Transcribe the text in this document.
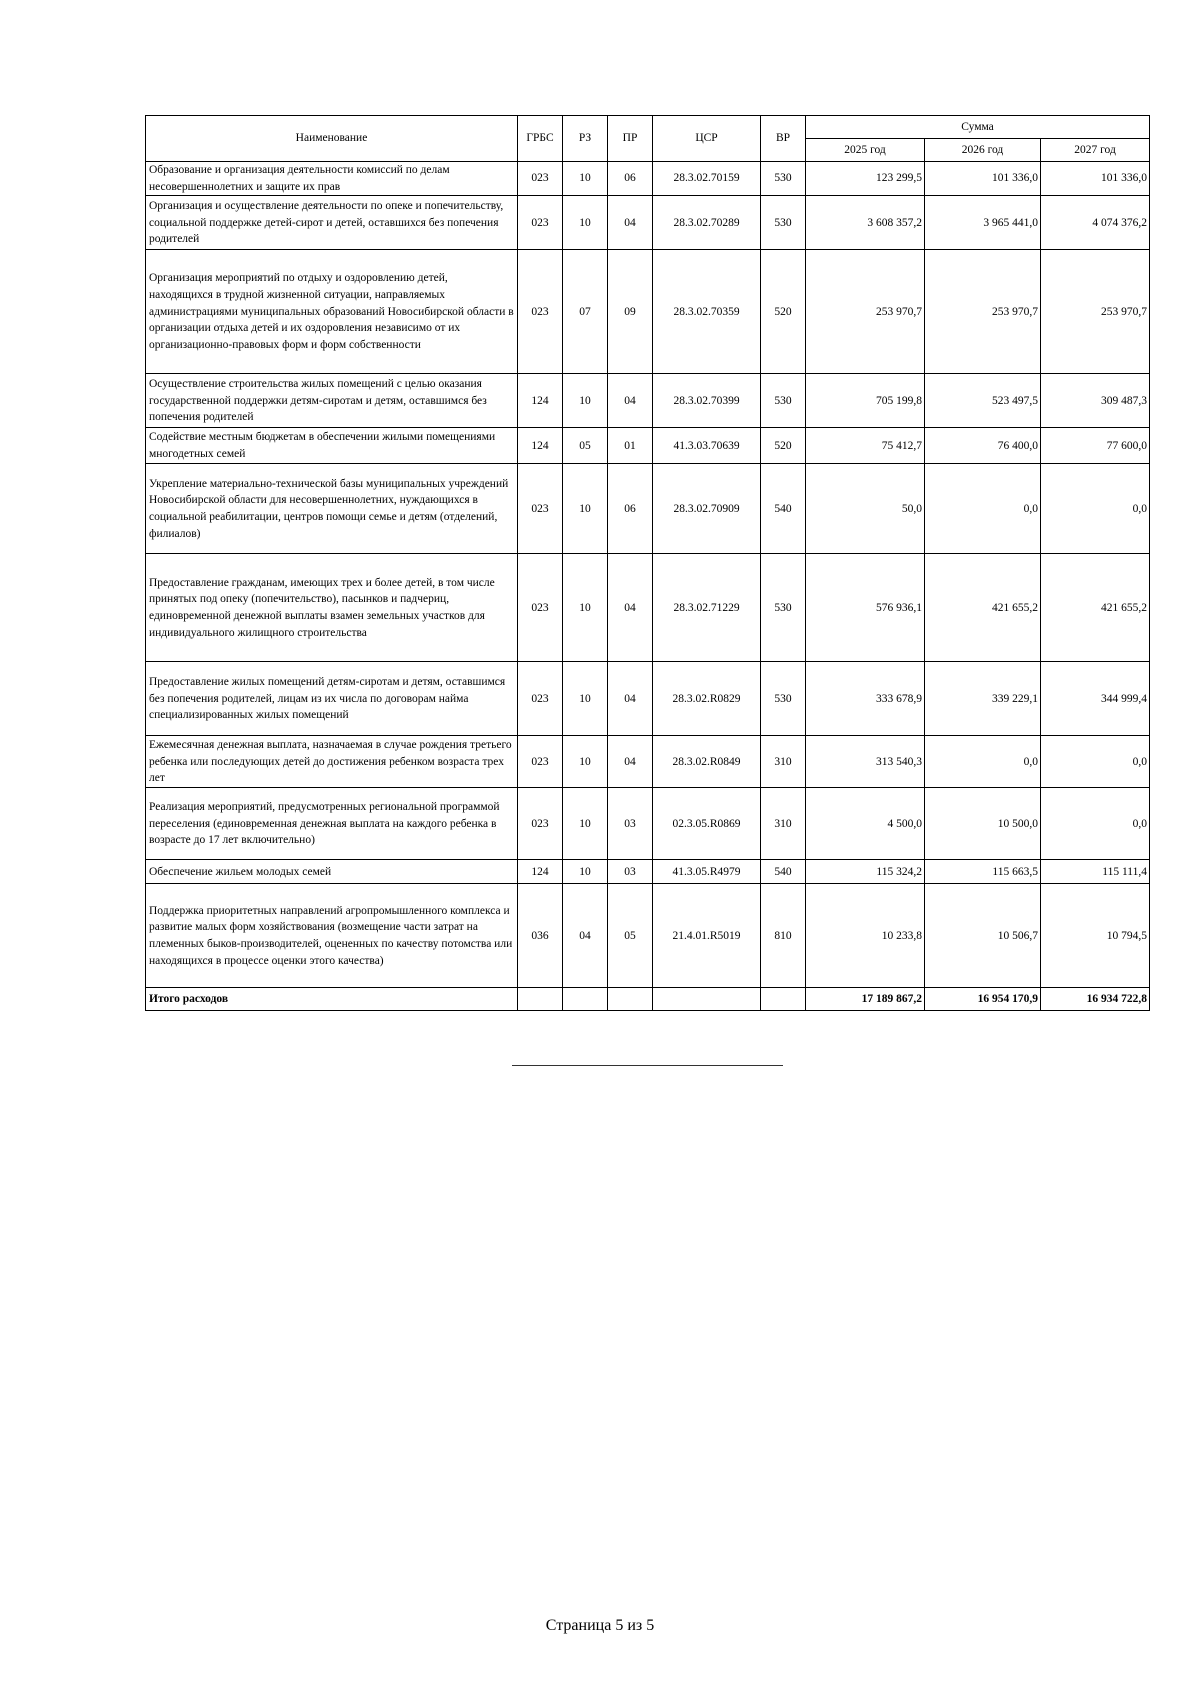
Наименование	ГРБС	РЗ	ПР	ЦСР	ВР	Сумма		
						2025 год	2026 год	2027 год
Образование и организация деятельности комиссий по делам несовершеннолетних и защите их прав	023	10	06	28.3.02.70159	530	123 299,5	101 336,0	101 336,0
Организация и осуществление деятельности по опеке и попечительству, социальной поддержке детей-сирот и детей, оставшихся без попечения родителей	023	10	04	28.3.02.70289	530	3 608 357,2	3 965 441,0	4 074 376,2
Организация мероприятий по отдыху и оздоровлению детей, находящихся в трудной жизненной ситуации, направляемых администрациями муниципальных образований Новосибирской области в организации отдыха детей и их оздоровления независимо от их организационно-правовых форм и форм собственности	023	07	09	28.3.02.70359	520	253 970,7	253 970,7	253 970,7
Осуществление строительства жилых помещений с целью оказания государственной поддержки детям-сиротам и детям, оставшимся без попечения родителей	124	10	04	28.3.02.70399	530	705 199,8	523 497,5	309 487,3
Содействие местным бюджетам в обеспечении жилыми помещениями многодетных семей	124	05	01	41.3.03.70639	520	75 412,7	76 400,0	77 600,0
Укрепление материально-технической базы муниципальных учреждений Новосибирской области для несовершеннолетних, нуждающихся в социальной реабилитации, центров помощи семье и детям (отделений, филиалов)	023	10	06	28.3.02.70909	540	50,0	0,0	0,0
Предоставление гражданам, имеющих трех и более детей, в том числе принятых под опеку (попечительство), пасынков и падчериц, единовременной денежной выплаты взамен земельных участков для индивидуального жилищного строительства	023	10	04	28.3.02.71229	530	576 936,1	421 655,2	421 655,2
Предоставление жилых помещений детям-сиротам и детям, оставшимся без попечения родителей, лицам из их числа по договорам найма специализированных жилых помещений	023	10	04	28.3.02.R0829	530	333 678,9	339 229,1	344 999,4
Ежемесячная денежная выплата, назначаемая в случае рождения третьего ребенка или последующих детей до достижения ребенком возраста трех лет	023	10	04	28.3.02.R0849	310	313 540,3	0,0	0,0
Реализация мероприятий, предусмотренных региональной программой переселения (единовременная денежная выплата на каждого ребенка в возрасте до 17 лет включительно)	023	10	03	02.3.05.R0869	310	4 500,0	10 500,0	0,0
Обеспечение жильем молодых семей	124	10	03	41.3.05.R4979	540	115 324,2	115 663,5	115 111,4
Поддержка приоритетных направлений агропромышленного комплекса и развитие малых форм хозяйствования (возмещение части затрат на племенных быков-производителей, оцененных по качеству потомства или находящихся в процессе оценки этого качества)	036	04	05	21.4.01.R5019	810	10 233,8	10 506,7	10 794,5
Итого расходов						17 189 867,2	16 954 170,9	16 934 722,8
Страница 5 из 5
